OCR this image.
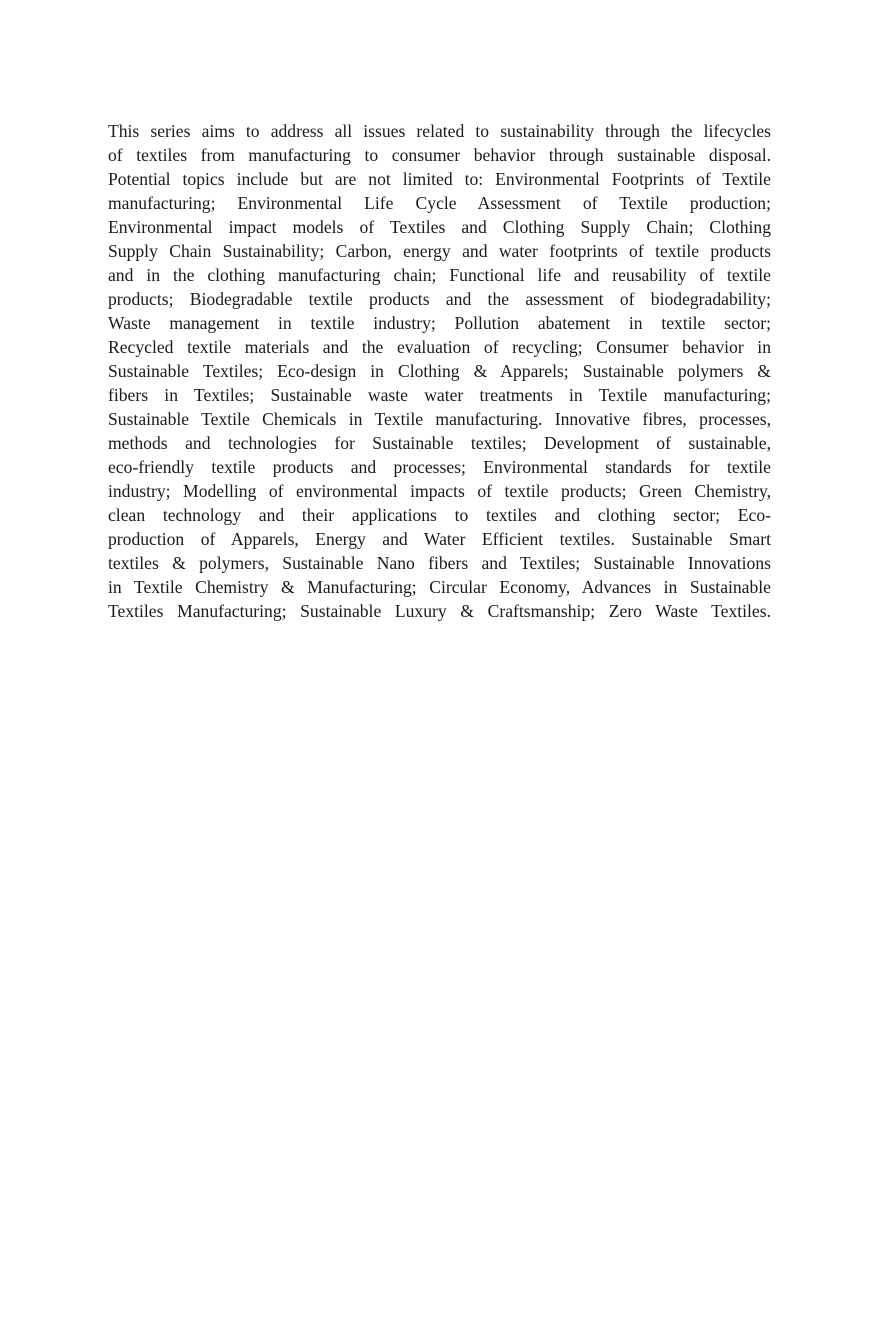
This series aims to address all issues related to sustainability through the lifecycles
of textiles from manufacturing to consumer behavior through sustainable disposal.
Potential topics include but are not limited to: Environmental Footprints of Textile
manufacturing; Environmental Life Cycle Assessment of Textile production;
Environmental impact models of Textiles and Clothing Supply Chain; Clothing
Supply Chain Sustainability; Carbon, energy and water footprints of textile products
and in the clothing manufacturing chain; Functional life and reusability of textile
products; Biodegradable textile products and the assessment of biodegradability;
Waste management in textile industry; Pollution abatement in textile sector;
Recycled textile materials and the evaluation of recycling; Consumer behavior in
Sustainable Textiles; Eco-design in Clothing & Apparels; Sustainable polymers &
fibers in Textiles; Sustainable waste water treatments in Textile manufacturing;
Sustainable Textile Chemicals in Textile manufacturing. Innovative fibres, processes,
methods and technologies for Sustainable textiles; Development of sustainable,
eco-friendly textile products and processes; Environmental standards for textile
industry; Modelling of environmental impacts of textile products; Green Chemistry,
clean technology and their applications to textiles and clothing sector; Eco-
production of Apparels, Energy and Water Efficient textiles. Sustainable Smart
textiles & polymers, Sustainable Nano fibers and Textiles; Sustainable Innovations
in Textile Chemistry & Manufacturing; Circular Economy, Advances in Sustainable
Textiles Manufacturing; Sustainable Luxury & Craftsmanship; Zero Waste Textiles.
